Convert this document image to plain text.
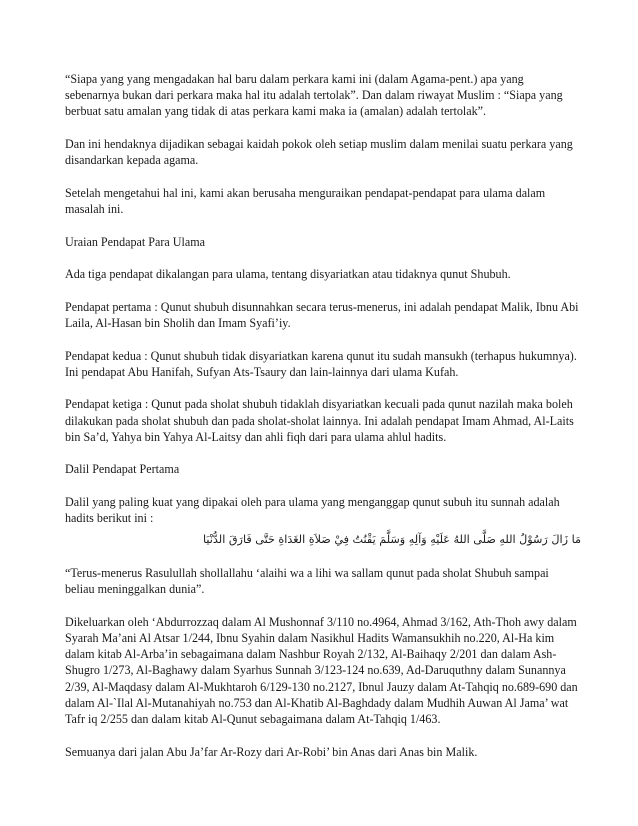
“Siapa yang yang mengadakan hal baru dalam perkara kami ini (dalam Agama-pent.) apa yang sebenarnya bukan dari perkara maka hal itu adalah tertolak”. Dan dalam riwayat Muslim : “Siapa yang berbuat satu amalan yang tidak di atas perkara kami maka ia (amalan) adalah tertolak”.

Dan ini hendaknya dijadikan sebagai kaidah pokok oleh setiap muslim dalam menilai suatu perkara yang disandarkan kepada agama.

Setelah mengetahui hal ini, kami akan berusaha menguraikan pendapat-pendapat para ulama dalam masalah ini.

Uraian Pendapat Para Ulama

Ada tiga pendapat dikalangan para ulama, tentang disyariatkan atau tidaknya qunut Shubuh.

Pendapat pertama : Qunut shubuh disunnahkan secara terus-menerus, ini adalah pendapat Malik, Ibnu Abi Laila, Al-Hasan bin Sholih dan Imam Syafi’iy.

Pendapat kedua : Qunut shubuh tidak disyariatkan karena qunut itu sudah mansukh (terhapus hukumnya). Ini pendapat Abu Hanifah, Sufyan Ats-Tsaury dan lain-lainnya dari ulama Kufah.

Pendapat ketiga : Qunut pada sholat shubuh tidaklah disyariatkan kecuali pada qunut nazilah maka boleh dilakukan pada sholat shubuh dan pada sholat-sholat lainnya. Ini adalah pendapat Imam Ahmad, Al-Laits bin Sa’d, Yahya bin Yahya Al-Laitsy dan ahli fiqh dari para ulama ahlul hadits.

Dalil Pendapat Pertama

Dalil yang paling kuat yang dipakai oleh para ulama yang menganggap qunut subuh itu sunnah adalah hadits berikut ini :

مَا زَالَ رَسُوْلُ اللهِ صَلَّى اللهُ عَلَيْهِ وَآلِهِ وَسَلَّمَ يَقْنُتُ فِيْ صَلاَةِ الغَدَاةِ حَتَّى فَارَقَ الدُّنْيَا

“Terus-menerus Rasulullah shollallahu ‘alaihi wa a lihi wa sallam qunut pada sholat Shubuh sampai beliau meninggalkan dunia”.

Dikeluarkan oleh ‘Abdurrozzaq dalam Al Mushonnaf 3/110 no.4964, Ahmad 3/162, Ath-Thoh awy dalam Syarah Ma’ani Al Atsar 1/244, Ibnu Syahin dalam Nasikhul Hadits Wamansukhih no.220, Al-Ha kim dalam kitab Al-Arba’in sebagaimana dalam Nashbur Royah 2/132, Al-Baihaqy 2/201 dan dalam Ash-Shugro 1/273, Al-Baghawy dalam Syarhus Sunnah 3/123-124 no.639, Ad-Daruquthny dalam Sunannya 2/39, Al-Maqdasy dalam Al-Mukhtaroh 6/129-130 no.2127, Ibnul Jauzy dalam At-Tahqiq no.689-690 dan dalam Al-`Ilal Al-Mutanahiyah no.753 dan Al-Khatib Al-Baghdady dalam Mudhih Auwan Al Jama’ wat Tafr iq 2/255 dan dalam kitab Al-Qunut sebagaimana dalam At-Tahqiq 1/463.

Semuanya dari jalan Abu Ja’far Ar-Rozy dari Ar-Robi’ bin Anas dari Anas bin Malik.
